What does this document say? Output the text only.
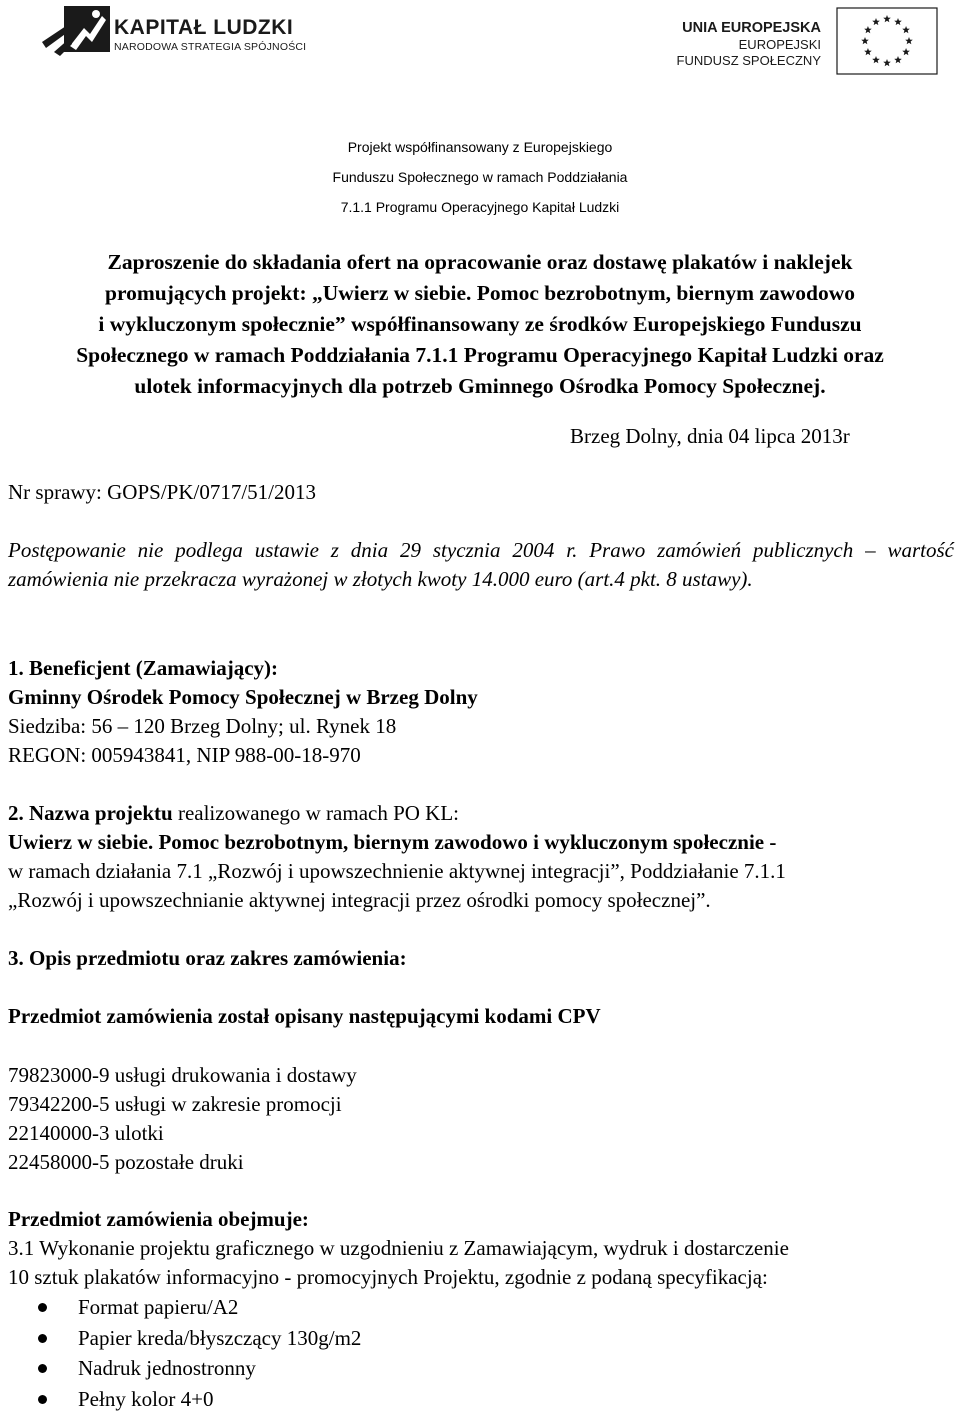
KAPITAŁ LUDZKI
NARODOWA STRATEGIA SPÓJNOŚCI
UNIA EUROPEJSKA
EUROPEJSKI
FUNDUSZ SPOŁECZNY
Projekt współfinansowany z Europejskiego
Funduszu Społecznego w ramach Poddziałania
7.1.1 Programu Operacyjnego Kapitał Ludzki
Zaproszenie do składania ofert na opracowanie oraz dostawę plakatów i naklejek
promujących projekt: „Uwierz w siebie. Pomoc bezrobotnym, biernym zawodowo
i wykluczonym społecznie” współfinansowany ze środków Europejskiego Funduszu
Społecznego w ramach Poddziałania 7.1.1 Programu Operacyjnego Kapitał Ludzki oraz
ulotek informacyjnych dla potrzeb Gminnego Ośrodka Pomocy Społecznej.
Brzeg Dolny, dnia 04 lipca 2013r
Nr sprawy: GOPS/PK/0717/51/2013
Postępowanie nie podlega ustawie z dnia 29 stycznia 2004 r. Prawo zamówień publicznych – wartość zamówienia nie przekracza wyrażonej w złotych kwoty 14.000 euro (art.4 pkt. 8 ustawy).
1. Beneficjent (Zamawiający):
Gminny Ośrodek Pomocy Społecznej w Brzeg Dolny
Siedziba: 56 – 120 Brzeg Dolny; ul. Rynek 18
REGON: 005943841, NIP 988-00-18-970
2. Nazwa projektu realizowanego w ramach PO KL:
Uwierz w siebie. Pomoc bezrobotnym, biernym zawodowo i wykluczonym społecznie -
w ramach działania 7.1 „Rozwój i upowszechnienie aktywnej integracji”, Poddziałanie 7.1.1
„Rozwój i upowszechnianie aktywnej integracji przez ośrodki pomocy społecznej”.
3. Opis przedmiotu oraz zakres zamówienia:
Przedmiot zamówienia został opisany następującymi kodami CPV
79823000-9 usługi drukowania i dostawy
79342200-5 usługi w zakresie promocji
22140000-3 ulotki
22458000-5 pozostałe druki
Przedmiot zamówienia obejmuje:
3.1 Wykonanie projektu graficznego w uzgodnieniu z Zamawiającym, wydruk i dostarczenie
10 sztuk plakatów informacyjno - promocyjnych Projektu, zgodnie z podaną specyfikacją:
Format papieru/A2
Papier kreda/błyszczący 130g/m2
Nadruk jednostronny
Pełny kolor 4+0
